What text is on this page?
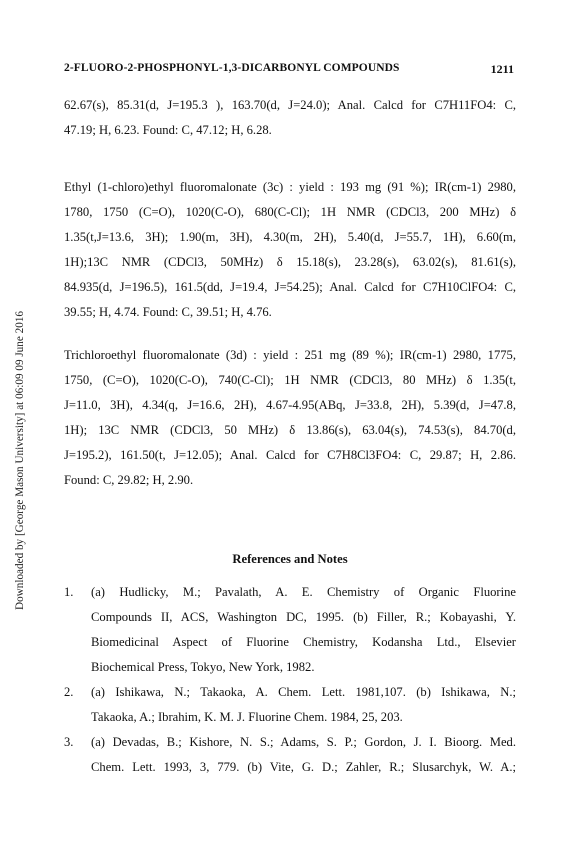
Downloaded by [George Mason University] at 06:09 09 June 2016
2-FLUORO-2-PHOSPHONYL-1,3-DICARBONYL COMPOUNDS	1211
62.67(s), 85.31(d, J=195.3 ), 163.70(d, J=24.0); Anal. Calcd for C7H11FO4: C,
47.19; H, 6.23. Found: C, 47.12; H, 6.28.
Ethyl (1-chloro)ethyl fluoromalonate (3c) : yield : 193 mg (91 %); IR(cm-1) 2980,
1780, 1750 (C=O), 1020(C-O), 680(C-Cl); 1H NMR (CDCl3, 200 MHz) δ
1.35(t,J=13.6, 3H); 1.90(m, 3H), 4.30(m, 2H), 5.40(d, J=55.7, 1H), 6.60(m,
1H);13C NMR (CDCl3, 50MHz) δ 15.18(s), 23.28(s), 63.02(s), 81.61(s),
84.935(d, J=196.5), 161.5(dd, J=19.4, J=54.25); Anal. Calcd for C7H10ClFO4: C,
39.55; H, 4.74. Found: C, 39.51; H, 4.76.
Trichloroethyl fluoromalonate (3d) : yield : 251 mg (89 %); IR(cm-1) 2980, 1775,
1750, (C=O), 1020(C-O), 740(C-Cl); 1H NMR (CDCl3, 80 MHz) δ 1.35(t,
J=11.0, 3H), 4.34(q, J=16.6, 2H), 4.67-4.95(ABq, J=33.8, 2H), 5.39(d, J=47.8,
1H); 13C NMR (CDCl3, 50 MHz) δ 13.86(s), 63.04(s), 74.53(s), 84.70(d,
J=195.2), 161.50(t, J=12.05); Anal. Calcd for C7H8Cl3FO4: C, 29.87; H, 2.86.
Found: C, 29.82; H, 2.90.
References and Notes
1. (a) Hudlicky, M.; Pavalath, A. E. Chemistry of Organic Fluorine
Compounds II, ACS, Washington DC, 1995. (b) Filler, R.; Kobayashi, Y.
Biomedicinal Aspect of Fluorine Chemistry, Kodansha Ltd., Elsevier
Biochemical Press, Tokyo, New York, 1982.
2. (a) Ishikawa, N.; Takaoka, A. Chem. Lett. 1981,107. (b) Ishikawa, N.;
Takaoka, A.; Ibrahim, K. M. J. Fluorine Chem. 1984, 25, 203.
3. (a) Devadas, B.; Kishore, N. S.; Adams, S. P.; Gordon, J. I. Bioorg. Med.
Chem. Lett. 1993, 3, 779. (b) Vite, G. D.; Zahler, R.; Slusarchyk, W. A.;
